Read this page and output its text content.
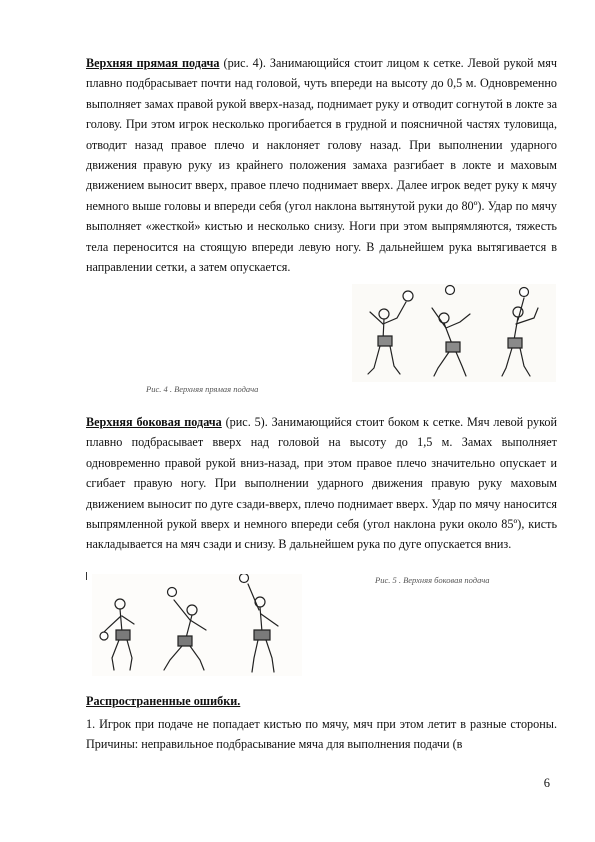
Верхняя прямая подача (рис. 4). Занимающийся стоит лицом к сетке. Левой рукой мяч плавно подбрасывает почти над головой, чуть впереди на высоту до 0,5 м. Одновременно выполняет замах правой рукой вверх-назад, поднимает руку и отводит согнутой в локте за голову. При этом игрок несколько прогибается в грудной и поясничной частях туловища, отводит назад правое плечо и наклоняет голову назад. При выполнении ударного движения правую руку из крайнего положения замаха разгибает в локте и маховым движением выносит вверх, правое плечо поднимает вверх. Далее игрок ведет руку к мячу немного выше головы и впереди себя (угол наклона вытянутой руки до 80º). Удар по мячу выполняет «жесткой» кистью и несколько снизу. Ноги при этом выпрямляются, тяжесть тела переносится на стоящую впереди левую ногу. В дальнейшем рука вытягивается в направлении сетки, а затем опускается.

Рис. 4 . Верхняя прямая подача

Верхняя боковая подача (рис. 5). Занимающийся стоит боком к сетке. Мяч левой рукой плавно подбрасывает вверх над головой на высоту до 1,5 м. Замах выполняет одновременно правой рукой вниз-назад, при этом правое плечо значительно опускает и сгибает правую ногу. При выполнении ударного движения правую руку маховым движением выносит по дуге сзади-вверх, плечо поднимает вверх. Удар по мячу наносится выпрямленной рукой вверх и немного впереди себя (угол наклона руки около 85º), кисть накладывается на мяч сзади и снизу. В дальнейшем рука по дуге опускается вниз.

Рис. 5 . Верхняя боковая подача

Распространенные ошибки.

1. Игрок при подаче не попадает кистью по мячу, мяч при этом летит в разные стороны. Причины: неправильное подбрасывание мяча для выполнения подачи (в

6
